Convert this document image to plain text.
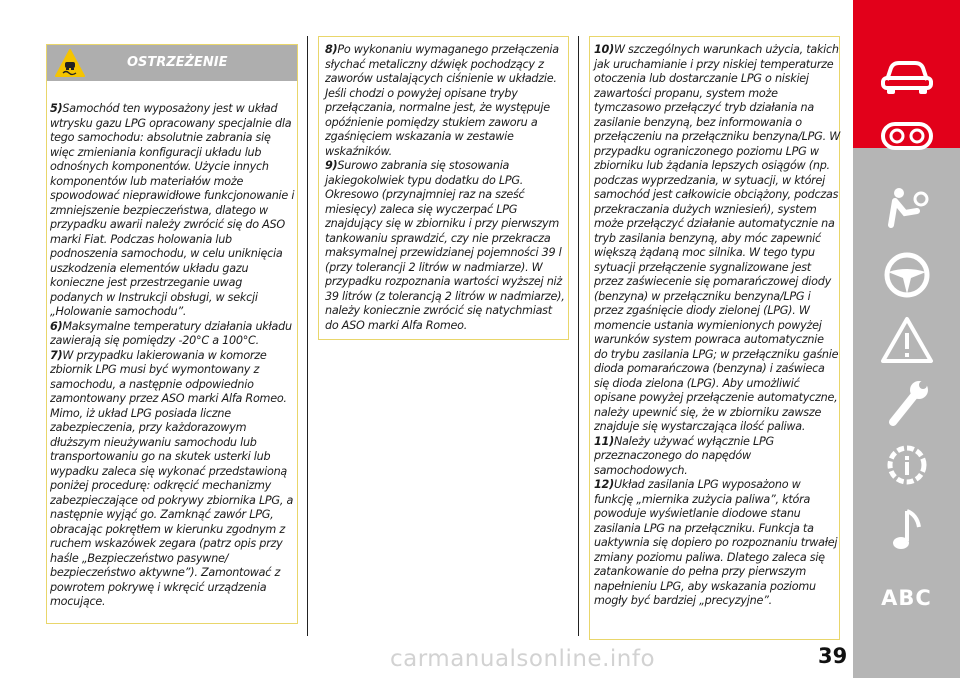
OSTRZEŻENIE

5)Samochód ten wyposażony jest w układ wtrysku gazu LPG opracowany specjalnie dla tego samochodu: absolutnie zabrania się więc zmieniania konfiguracji układu lub odnośnych komponentów. Użycie innych komponentów lub materiałów może spowodować nieprawidłowe funkcjonowanie i zmniejszenie bezpieczeństwa, dlatego w przypadku awarii należy zwrócić się do ASO marki Fiat. Podczas holowania lub podnoszenia samochodu, w celu uniknięcia uszkodzenia elementów układu gazu konieczne jest przestrzeganie uwag podanych w Instrukcji obsługi, w sekcji „Holowanie samochodu”.

6)Maksymalne temperatury działania układu zawierają się pomiędzy -20°C a 100°C.

7)W przypadku lakierowania w komorze zbiornik LPG musi być wymontowany z samochodu, a następnie odpowiednio zamontowany przez ASO marki Alfa Romeo. Mimo, iż układ LPG posiada liczne zabezpieczenia, przy każdorazowym dłuższym nieużywaniu samochodu lub transportowaniu go na skutek usterki lub wypadku zaleca się wykonać przedstawioną poniżej procedurę: odkręcić mechanizmy zabezpieczające od pokrywy zbiornika LPG, a następnie wyjąć go. Zamknąć zawór LPG, obracając pokrętłem w kierunku zgodnym z ruchem wskazówek zegara (patrz opis przy haśle „Bezpieczeństwo pasywne/ bezpieczeństwo aktywne”). Zamontować z powrotem pokrywę i wkręcić urządzenia mocujące.

8)Po wykonaniu wymaganego przełączenia słychać metaliczny dźwięk pochodzący z zaworów ustalających ciśnienie w układzie. Jeśli chodzi o powyżej opisane tryby przełączania, normalne jest, że występuje opóźnienie pomiędzy stukiem zaworu a zgaśnięciem wskazania w zestawie wskaźników.

9)Surowo zabrania się stosowania jakiegokolwiek typu dodatku do LPG. Okresowo (przynajmniej raz na sześć miesięcy) zaleca się wyczerpać LPG znajdujący się w zbiorniku i przy pierwszym tankowaniu sprawdzić, czy nie przekracza maksymalnej przewidzianej pojemności 39 l (przy tolerancji 2 litrów w nadmiarze). W przypadku rozpoznania wartości wyższej niż 39 litrów (z tolerancją 2 litrów w nadmiarze), należy koniecznie zwrócić się natychmiast do ASO marki Alfa Romeo.

10)W szczególnych warunkach użycia, takich jak uruchamianie i przy niskiej temperaturze otoczenia lub dostarczanie LPG o niskiej zawartości propanu, system może tymczasowo przełączyć tryb działania na zasilanie benzyną, bez informowania o przełączeniu na przełączniku benzyna/LPG. W przypadku ograniczonego poziomu LPG w zbiorniku lub żądania lepszych osiągów (np. podczas wyprzedzania, w sytuacji, w której samochód jest całkowicie obciążony, podczas przekraczania dużych wzniesień), system może przełączyć działanie automatycznie na tryb zasilania benzyną, aby móc zapewnić większą żądaną moc silnika. W tego typu sytuacji przełączenie sygnalizowane jest przez zaświecenie się pomarańczowej diody (benzyna) w przełączniku benzyna/LPG i przez zgaśnięcie diody zielonej (LPG). W momencie ustania wymienionych powyżej warunków system powraca automatycznie do trybu zasilania LPG; w przełączniku gaśnie dioda pomarańczowa (benzyna) i zaświeca się dioda zielona (LPG). Aby umożliwić opisane powyżej przełączenie automatyczne, należy upewnić się, że w zbiorniku zawsze znajduje się wystarczająca ilość paliwa.

11)Należy używać wyłącznie LPG przeznaczonego do napędów samochodowych.

12)Układ zasilania LPG wyposażono w funkcję „miernika zużycia paliwa”, która powoduje wyświetlanie diodowe stanu zasilania LPG na przełączniku. Funkcja ta uaktywnia się dopiero po rozpoznaniu trwałej zmiany poziomu paliwa. Dlatego zaleca się zatankowanie do pełna przy pierwszym napełnieniu LPG, aby wskazania poziomu mogły być bardziej „precyzyjne”.

carmanualsonline.info	39
ABC
